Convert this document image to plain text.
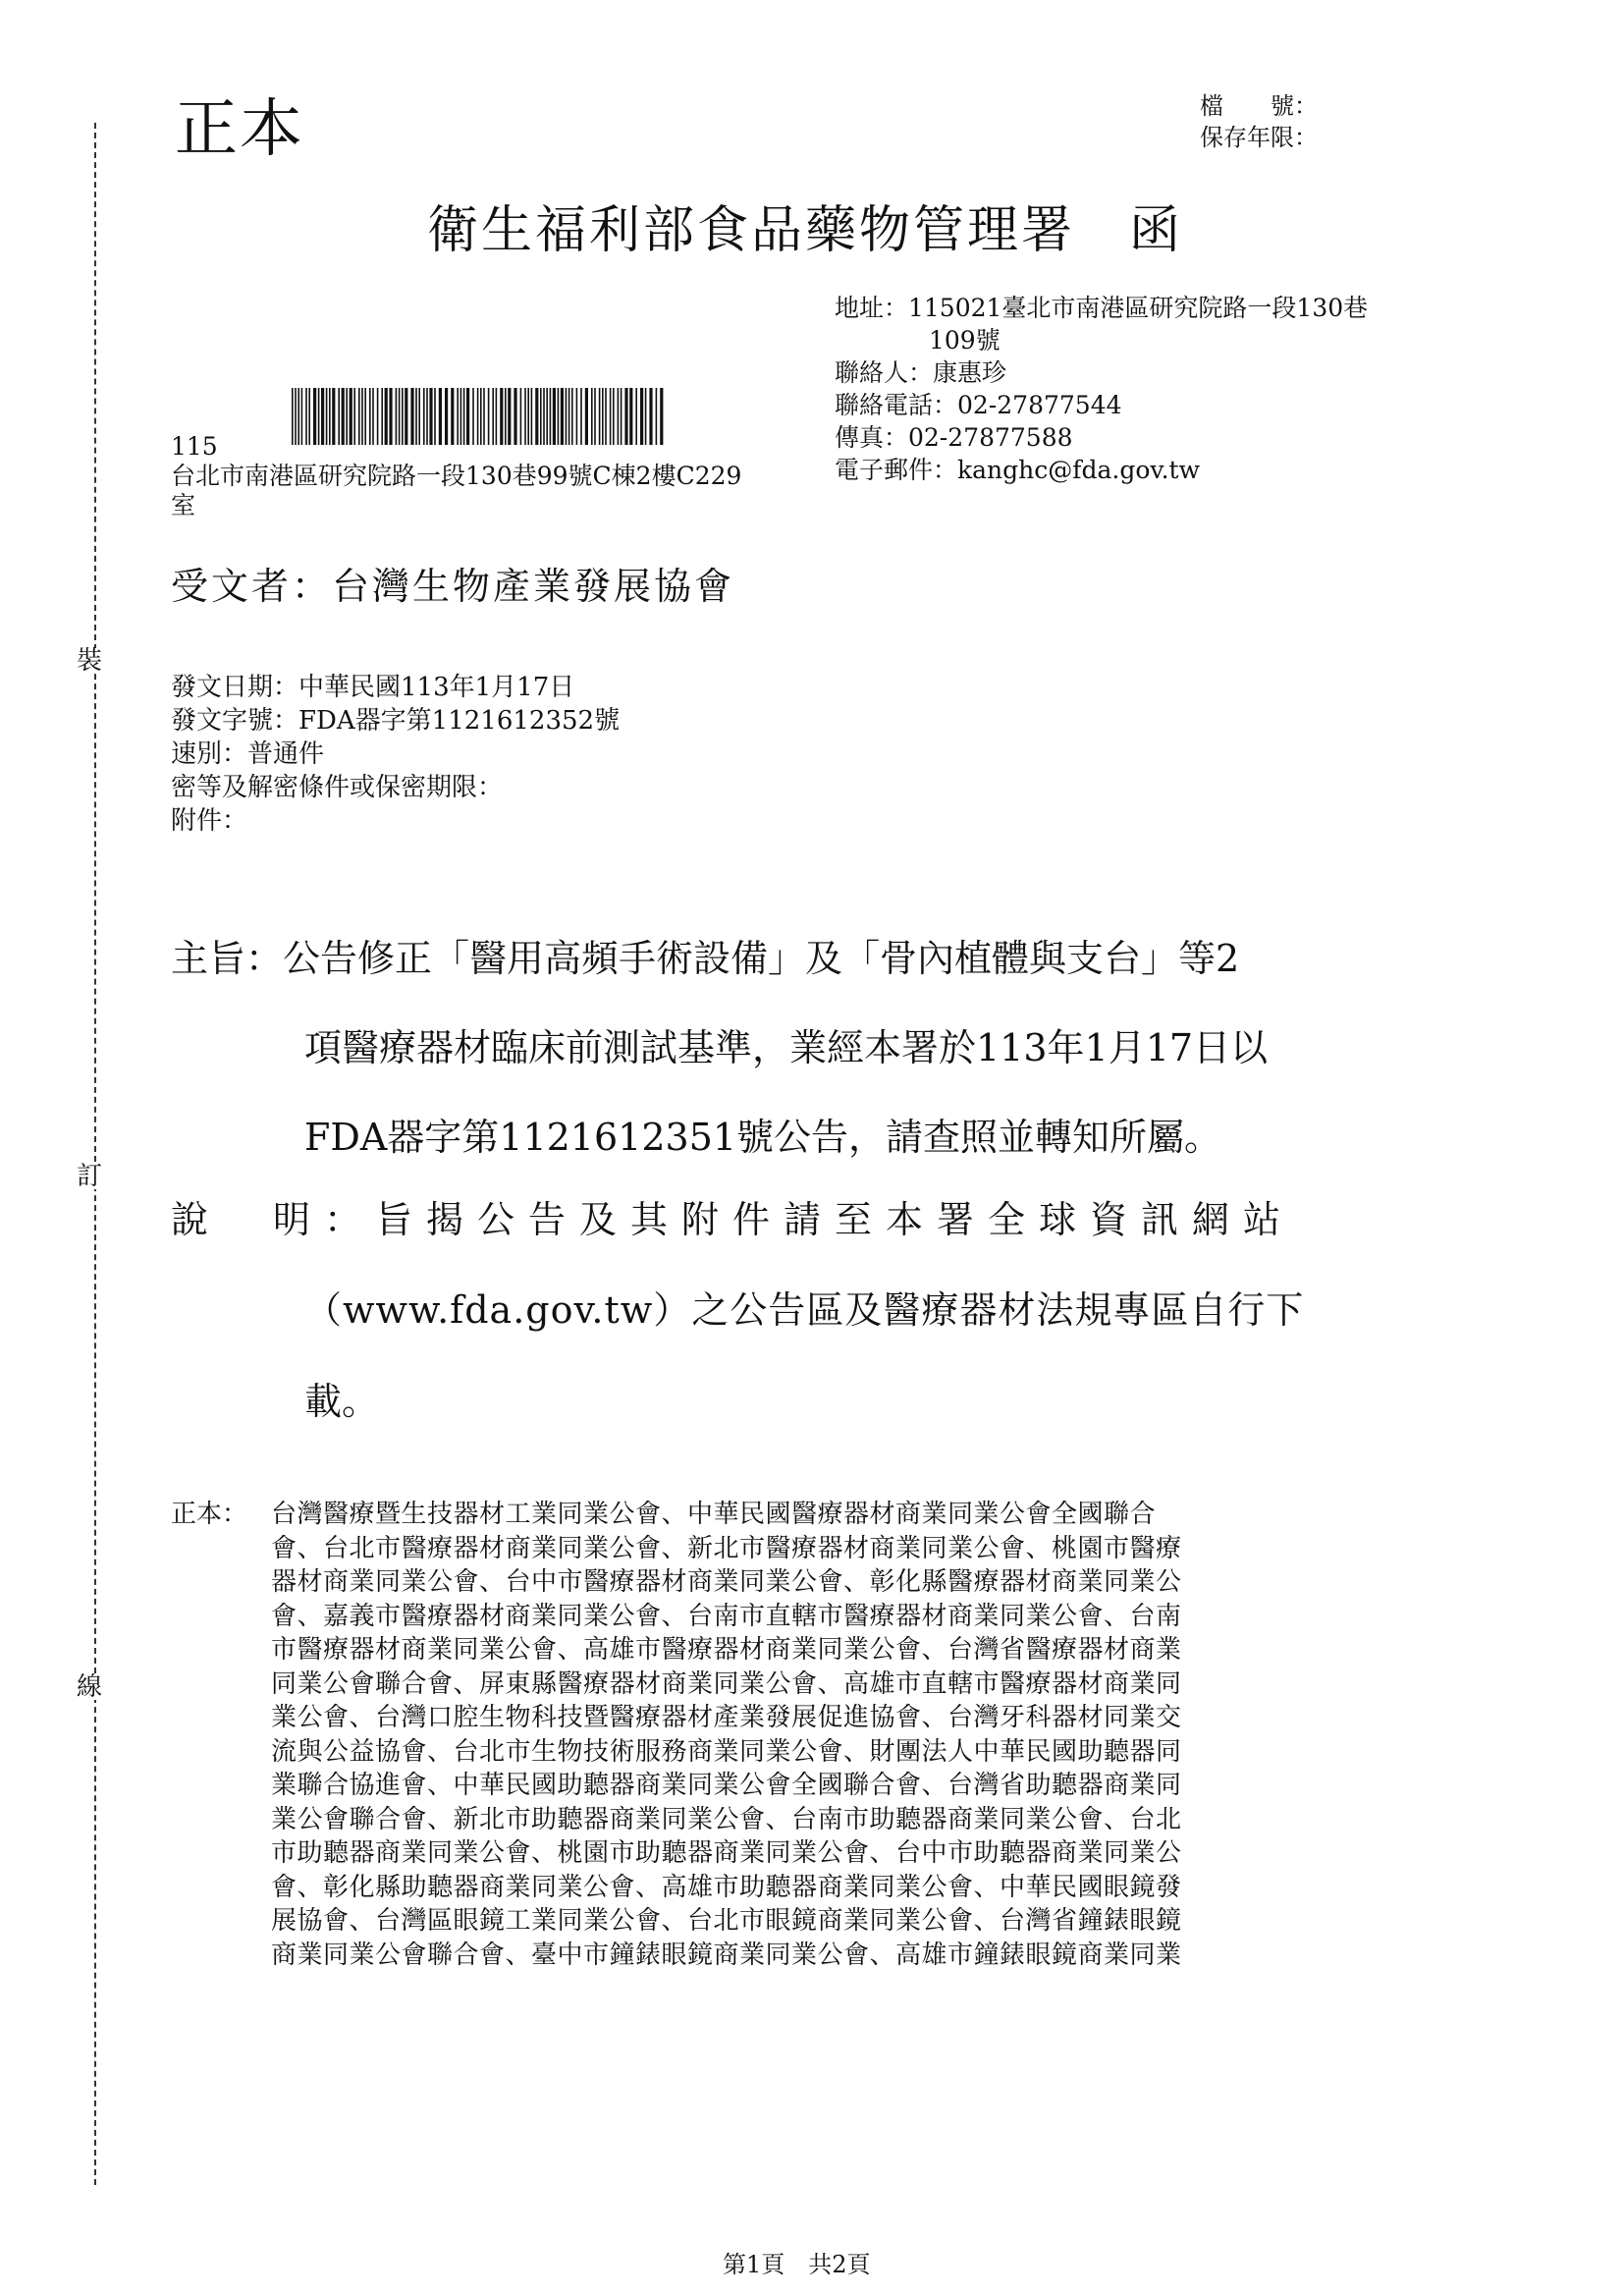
裝
訂
線
正本	檔　　號：
保存年限：
衛生福利部食品藥物管理署　函
地址：115021臺北市南港區研究院路一段130巷
109號
聯絡人：康惠珍
聯絡電話：02-27877544
傳真：02-27877588
電子郵件：kanghc@fda.gov.tw
115
台北市南港區研究院路一段130巷99號C棟2樓C229
室
受文者：台灣生物產業發展協會
發文日期：中華民國113年1月17日
發文字號：FDA器字第1121612352號
速別：普通件
密等及解密條件或保密期限：
附件：
主旨：公告修正「醫用高頻手術設備」及「骨內植體與支台」等2
項醫療器材臨床前測試基準，業經本署於113年1月17日以
FDA器字第1121612351號公告，請查照並轉知所屬。
說　明：旨揭公告及其附件請至本署全球資訊網站
（www.fda.gov.tw）之公告區及醫療器材法規專區自行下
載。
正本： 台灣醫療暨生技器材工業同業公會、中華民國醫療器材商業同業公會全國聯合
會、台北市醫療器材商業同業公會、新北市醫療器材商業同業公會、桃園市醫療
器材商業同業公會、台中市醫療器材商業同業公會、彰化縣醫療器材商業同業公
會、嘉義市醫療器材商業同業公會、台南市直轄市醫療器材商業同業公會、台南
市醫療器材商業同業公會、高雄市醫療器材商業同業公會、台灣省醫療器材商業
同業公會聯合會、屏東縣醫療器材商業同業公會、高雄市直轄市醫療器材商業同
業公會、台灣口腔生物科技暨醫療器材產業發展促進協會、台灣牙科器材同業交
流與公益協會、台北市生物技術服務商業同業公會、財團法人中華民國助聽器同
業聯合協進會、中華民國助聽器商業同業公會全國聯合會、台灣省助聽器商業同
業公會聯合會、新北市助聽器商業同業公會、台南市助聽器商業同業公會、台北
市助聽器商業同業公會、桃園市助聽器商業同業公會、台中市助聽器商業同業公
會、彰化縣助聽器商業同業公會、高雄市助聽器商業同業公會、中華民國眼鏡發
展協會、台灣區眼鏡工業同業公會、台北市眼鏡商業同業公會、台灣省鐘錶眼鏡
商業同業公會聯合會、臺中市鐘錶眼鏡商業同業公會、高雄市鐘錶眼鏡商業同業
第1頁　共2頁
